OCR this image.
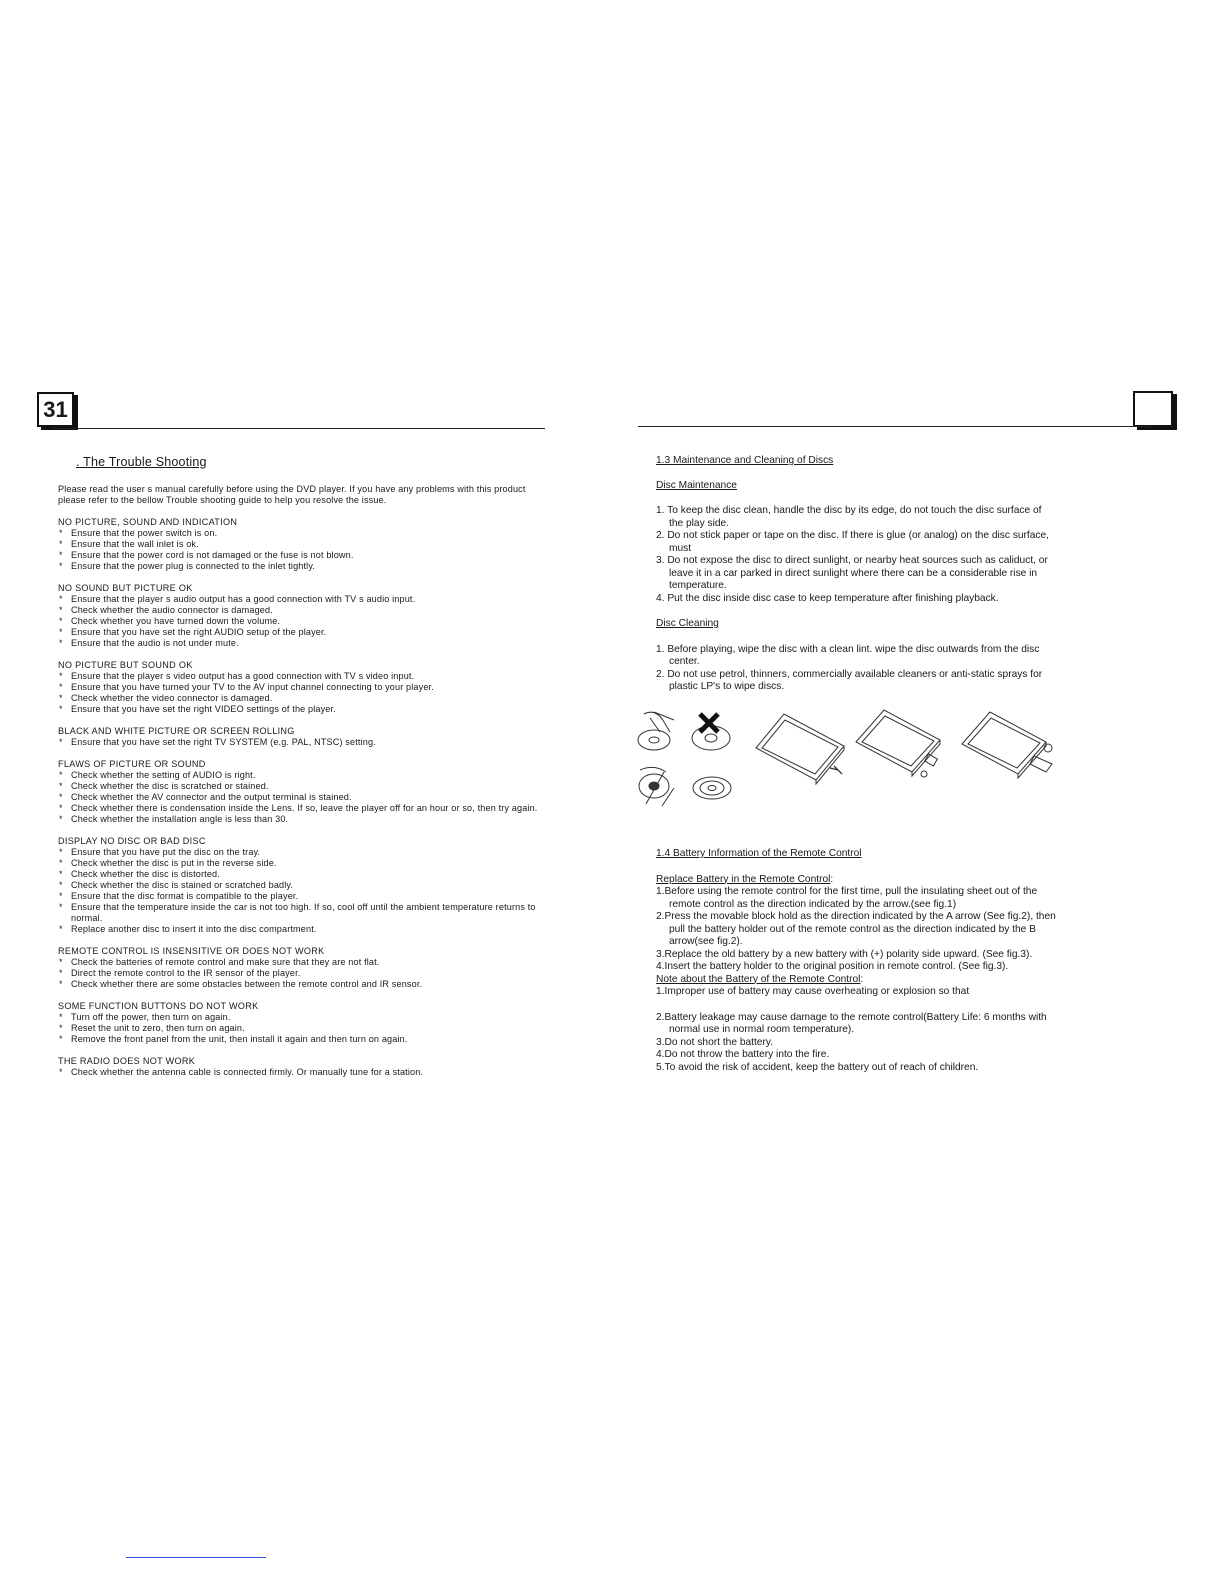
31
. The Trouble Shooting
Please read the user s manual carefully before using the DVD player. If you have any problems with this product please refer to the bellow Trouble shooting guide to help you resolve the issue.
NO PICTURE, SOUND AND INDICATION
* Ensure that the power switch is on.
* Ensure that the wall inlet is ok.
* Ensure that the power cord is not damaged or the fuse is not blown.
* Ensure that the power plug is connected to the inlet tightly.
NO SOUND BUT PICTURE OK
* Ensure that the player s audio output has a good connection with TV s audio input.
* Check whether the audio connector is damaged.
* Check whether you have turned down the volume.
* Ensure that you have set the right AUDIO setup of the player.
* Ensure that the audio is not under mute.
NO PICTURE BUT SOUND OK
* Ensure that the player s video output has a good connection with TV s video input.
* Ensure that you have turned your TV to the AV input channel connecting to your player.
* Check whether the video connector is damaged.
* Ensure that you have set the right VIDEO settings of the player.
BLACK AND WHITE PICTURE OR SCREEN ROLLING
* Ensure that you have set the right TV SYSTEM (e.g. PAL, NTSC) setting.
FLAWS OF PICTURE OR SOUND
* Check whether the setting of AUDIO is right.
* Check whether the disc is scratched or stained.
* Check whether the AV connector and the output terminal is stained.
* Check whether there is condensation inside the Lens. If so, leave the player off for an hour or so, then try again.
* Check whether the installation angle is less than 30.
DISPLAY NO DISC OR BAD DISC
* Ensure that you have put the disc on the tray.
* Check whether the disc is put in the reverse side.
* Check whether the disc is distorted.
* Check whether the disc is stained or scratched badly.
* Ensure that the disc format is compatible to the player.
* Ensure that the temperature inside the car is not too high. If so, cool off until the ambient temperature returns to normal.
* Replace another disc to insert it into the disc compartment.
REMOTE CONTROL IS INSENSITIVE OR DOES NOT WORK
* Check the batteries of remote control and make sure that they are not flat.
* Direct the remote control to the IR sensor of the player.
* Check whether there are some obstacles between the remote control and IR sensor.
SOME FUNCTION BUTTONS DO NOT WORK
* Turn off the power, then turn on again.
* Reset the unit to zero, then turn on again.
* Remove the front panel from the unit, then install it again and then turn on again.
THE RADIO DOES NOT WORK
* Check whether the antenna cable is connected firmly. Or manually tune for a station.
1.3 Maintenance and Cleaning of Discs
Disc Maintenance
1. To keep the disc clean, handle the disc by its edge, do not touch the disc surface of the play side.
2. Do not stick paper or tape on the disc. If there is glue (or analog) on the disc surface, must
3. Do not expose the disc to direct sunlight, or nearby heat sources such as caliduct, or leave it in a car parked in direct sunlight where there can be a considerable rise in temperature.
4. Put the disc inside disc case to keep temperature after finishing playback.
Disc Cleaning
1. Before playing, wipe the disc with a clean lint. wipe the disc outwards from the disc center.
2. Do not use petrol, thinners, commercially available cleaners or anti-static sprays for plastic LP's to wipe discs.
1.4 Battery Information of the Remote Control
Replace Battery in the Remote Control:
1.Before using the remote control for the first time, pull the insulating sheet out of the remote control as the direction indicated by the arrow.(see fig.1)
2.Press the movable block hold as the direction indicated by the A arrow (See fig.2), then pull the battery holder out of the remote control as the direction indicated by the B arrow(see fig.2).
3.Replace the old battery by a new battery with (+) polarity side upward. (See fig.3).
4.Insert the battery holder to the original position in remote control. (See fig.3).
Note about the Battery of the Remote Control:
1.Improper use of battery may cause overheating or explosion so that
2.Battery leakage may cause damage to the remote control(Battery Life: 6 months with normal use in normal room temperature).
3.Do not short the battery.
4.Do not throw the battery into the fire.
5.To avoid the risk of accident, keep the battery out of reach of children.
